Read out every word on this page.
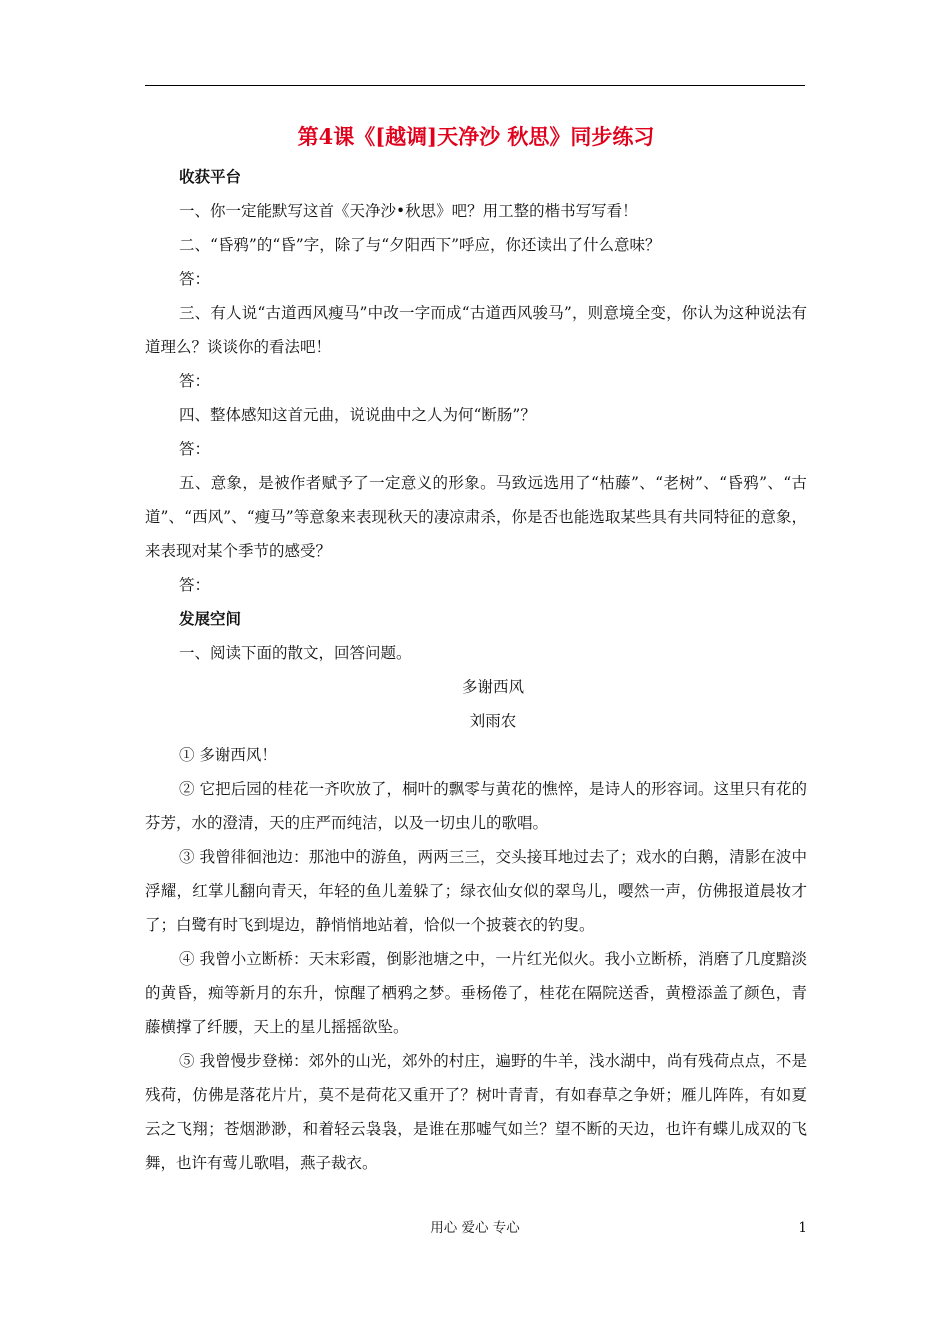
第4课《[越调]天净沙 秋思》同步练习
收获平台
一、你一定能默写这首《天净沙•秋思》吧？用工整的楷书写写看！
二、“昏鸦”的“昏”字，除了与“夕阳西下”呼应，你还读出了什么意味？
答：

三、有人说“古道西风瘦马”中改一字而成“古道西风骏马”，则意境全变，你认为这种说法有道理么？谈谈你的看法吧！

答：
四、整体感知这首元曲，说说曲中之人为何“断肠”？
答：

五、意象，是被作者赋予了一定意义的形象。马致远选用了“枯藤”、“老树”、“昏鸦”、“古道”、“西风”、“瘦马”等意象来表现秋天的凄凉肃杀，你是否也能选取某些具有共同特征的意象，来表现对某个季节的感受？

答：
发展空间
一、阅读下面的散文，回答问题。
多谢西风
刘雨农
① 多谢西风！

② 它把后园的桂花一齐吹放了，桐叶的飘零与黄花的憔悴，是诗人的形容词。这里只有花的芬芳，水的澄清，天的庄严而纯洁，以及一切虫儿的歌唱。

③ 我曾徘徊池边：那池中的游鱼，两两三三，交头接耳地过去了；戏水的白鹅，清影在波中浮耀，红掌儿翻向青天，年轻的鱼儿羞躲了；绿衣仙女似的翠鸟儿，嘤然一声，仿佛报道晨妆才了；白鹭有时飞到堤边，静悄悄地站着，恰似一个披蓑衣的钓叟。

④ 我曾小立断桥：天末彩霞，倒影池塘之中，一片红光似火。我小立断桥，消磨了几度黯淡的黄昏，痴等新月的东升，惊醒了栖鸦之梦。垂杨倦了，桂花在隔院送香，黄橙添盖了颜色，青藤横撑了纤腰，天上的星儿摇摇欲坠。

⑤ 我曾慢步登梯：郊外的山光，郊外的村庄，遍野的牛羊，浅水湖中，尚有残荷点点，不是残荷，仿佛是落花片片，莫不是荷花又重开了？树叶青青，有如春草之争妍；雁儿阵阵，有如夏云之飞翔；苍烟渺渺，和着轻云袅袅，是谁在那嘘气如兰？望不断的天边，也许有蝶儿成双的飞舞，也许有莺儿歌唱，燕子裁衣。

用心 爱心 专心	1
